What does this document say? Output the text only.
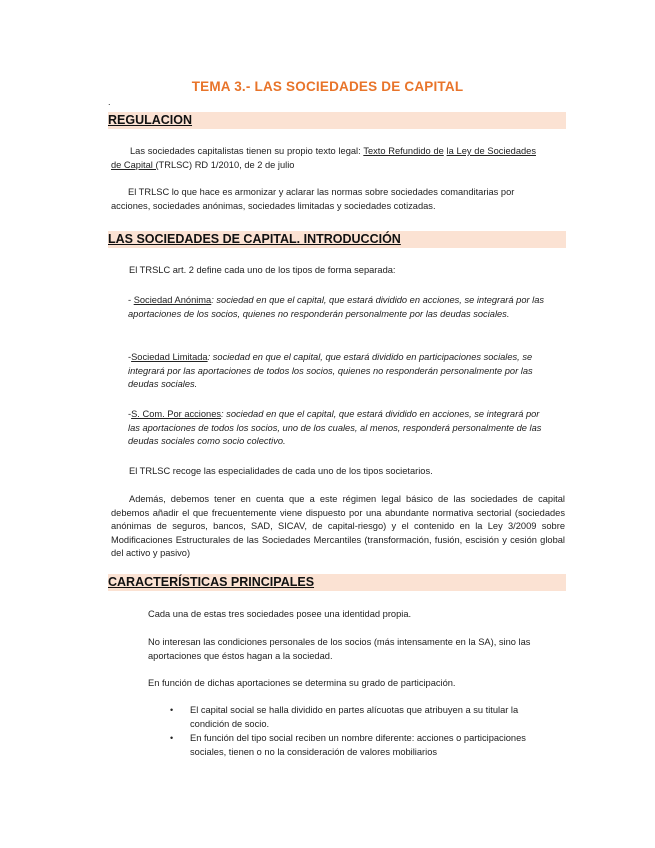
TEMA 3.- LAS SOCIEDADES DE CAPITAL
.
REGULACION
Las sociedades capitalistas tienen su propio texto legal: Texto Refundido de la Ley de Sociedades de Capital (TRLSC) RD 1/2010, de 2 de julio
El TRLSC lo que hace es armonizar y aclarar las normas sobre sociedades comanditarias por acciones, sociedades anónimas, sociedades limitadas y sociedades cotizadas.
LAS SOCIEDADES DE CAPITAL. INTRODUCCIÓN
El TRSLC art. 2 define cada uno de los tipos de forma separada:
- Sociedad Anónima: sociedad en que el capital, que estará dividido en acciones, se integrará por las aportaciones de los socios, quienes no responderán personalmente por las deudas sociales.
-Sociedad Limitada: sociedad en que el capital, que estará dividido en participaciones sociales, se integrará por las aportaciones de todos los socios, quienes no responderán personalmente por las deudas sociales.
-S. Com. Por acciones: sociedad en que el capital, que estará dividido en acciones, se integrará por las aportaciones de todos los socios, uno de los cuales, al menos, responderá personalmente de las deudas sociales como socio colectivo.
El TRLSC recoge las especialidades de cada uno de los tipos societarios.
Además, debemos tener en cuenta que a este régimen legal básico de las sociedades de capital debemos añadir el que frecuentemente viene dispuesto por una abundante normativa sectorial (sociedades anónimas de seguros, bancos, SAD, SICAV, de capital-riesgo) y el contenido en la Ley 3/2009 sobre Modificaciones Estructurales de las Sociedades Mercantiles (transformación, fusión, escisión y cesión global del activo y pasivo)
CARACTERÍSTICAS PRINCIPALES
Cada una de estas tres sociedades posee una identidad propia.
No interesan las condiciones personales de los socios (más intensamente en la SA), sino las aportaciones que éstos hagan a la sociedad.
En función de dichas aportaciones se determina su grado de participación.
• El capital social se halla dividido en partes alícuotas que atribuyen a su titular la condición de socio.
• En función del tipo social reciben un nombre diferente: acciones o participaciones sociales, tienen o no la consideración de valores mobiliarios
